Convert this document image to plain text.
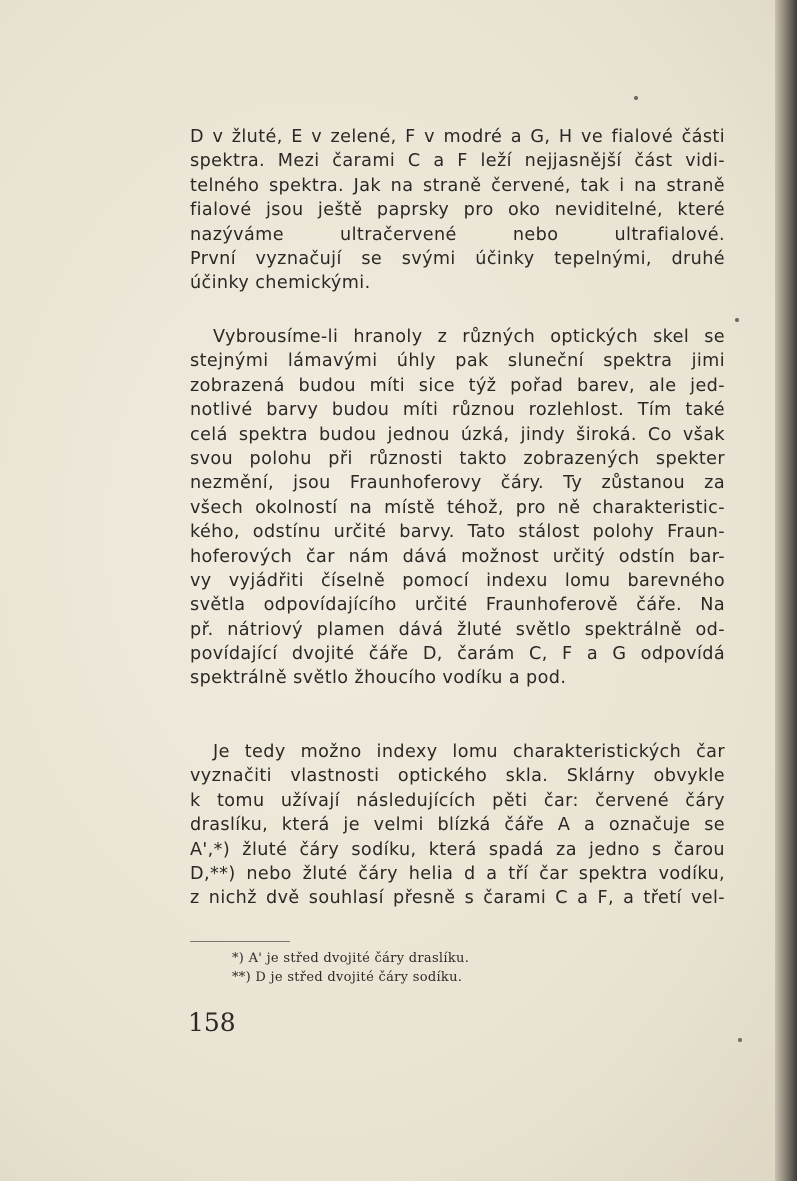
D v žluté, E v zelené, F v modré a G, H ve fialové části
spektra. Mezi čarami C a F leží nejjasnější část vidi-
telného spektra. Jak na straně červené, tak i na straně
fialové jsou ještě paprsky pro oko neviditelné, které
nazýváme ultračervené nebo ultrafialové.
První vyznačují se svými účinky tepelnými, druhé
účinky chemickými.
Vybrousíme-li hranoly z různých optických skel se
stejnými lámavými úhly pak sluneční spektra jimi
zobrazená budou míti sice týž pořad barev, ale jed-
notlivé barvy budou míti různou rozlehlost. Tím také
celá spektra budou jednou úzká, jindy široká. Co však
svou polohu při různosti takto zobrazených spekter
nezmění, jsou Fraunhoferovy čáry. Ty zůstanou za
všech okolností na místě téhož, pro ně charakteristic-
kého, odstínu určité barvy. Tato stálost polohy Fraun-
hoferových čar nám dává možnost určitý odstín bar-
vy vyjádřiti číselně pomocí indexu lomu barevného
světla odpovídajícího určité Fraunhoferově čáře. Na
př. nátriový plamen dává žluté světlo spektrálně od-
povídající dvojité čáře D, čarám C, F a G odpovídá
spektrálně světlo žhoucího vodíku a pod.
Je tedy možno indexy lomu charakteristických čar
vyznačiti vlastnosti optického skla. Sklárny obvykle
k tomu užívají následujících pěti čar: červené čáry
draslíku, která je velmi blízká čáře A a označuje se
A',*) žluté čáry sodíku, která spadá za jedno s čarou
D,**) nebo žluté čáry helia d a tří čar spektra vodíku,
z nichž dvě souhlasí přesně s čarami C a F, a třetí vel-
*) A' je střed dvojité čáry draslíku.
**) D je střed dvojité čáry sodíku.
158
